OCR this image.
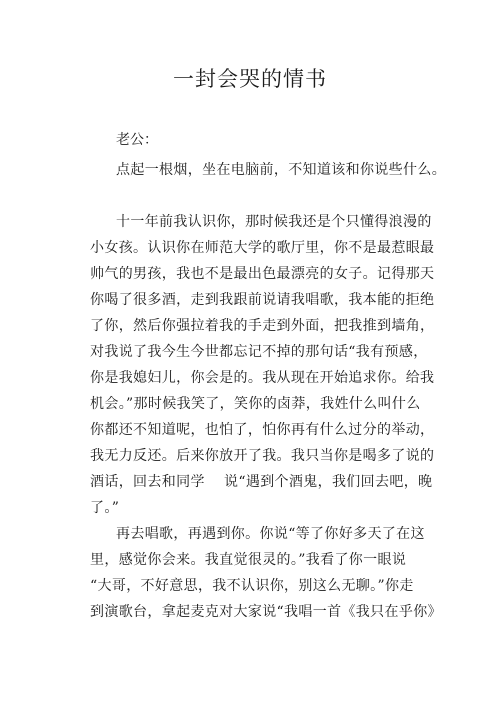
一封会哭的情书
老公：
点起一根烟，坐在电脑前，不知道该和你说些什么。
十一年前我认识你，那时候我还是个只懂得浪漫的
小女孩。认识你在师范大学的歌厅里，你不是最惹眼最
帅气的男孩，我也不是最出色最漂亮的女子。记得那天
你喝了很多酒，走到我跟前说请我唱歌，我本能的拒绝
了你，然后你强拉着我的手走到外面，把我推到墙角，
对我说了我今生今世都忘记不掉的那句话“我有预感，
你是我媳妇儿，你会是的。我从现在开始追求你。给我
机会。”那时候我笑了，笑你的卤莽，我姓什么叫什么
你都还不知道呢，也怕了，怕你再有什么过分的举动，
我无力反还。后来你放开了我。我只当你是喝多了说的
酒话，回去和同学    说“遇到个酒鬼，我们回去吧，晚
了。”
再去唱歌，再遇到你。你说“等了你好多天了在这
里，感觉你会来。我直觉很灵的。”我看了你一眼说
“大哥，不好意思，我不认识你，别这么无聊。”你走
到演歌台，拿起麦克对大家说“我唱一首《我只在乎你》
